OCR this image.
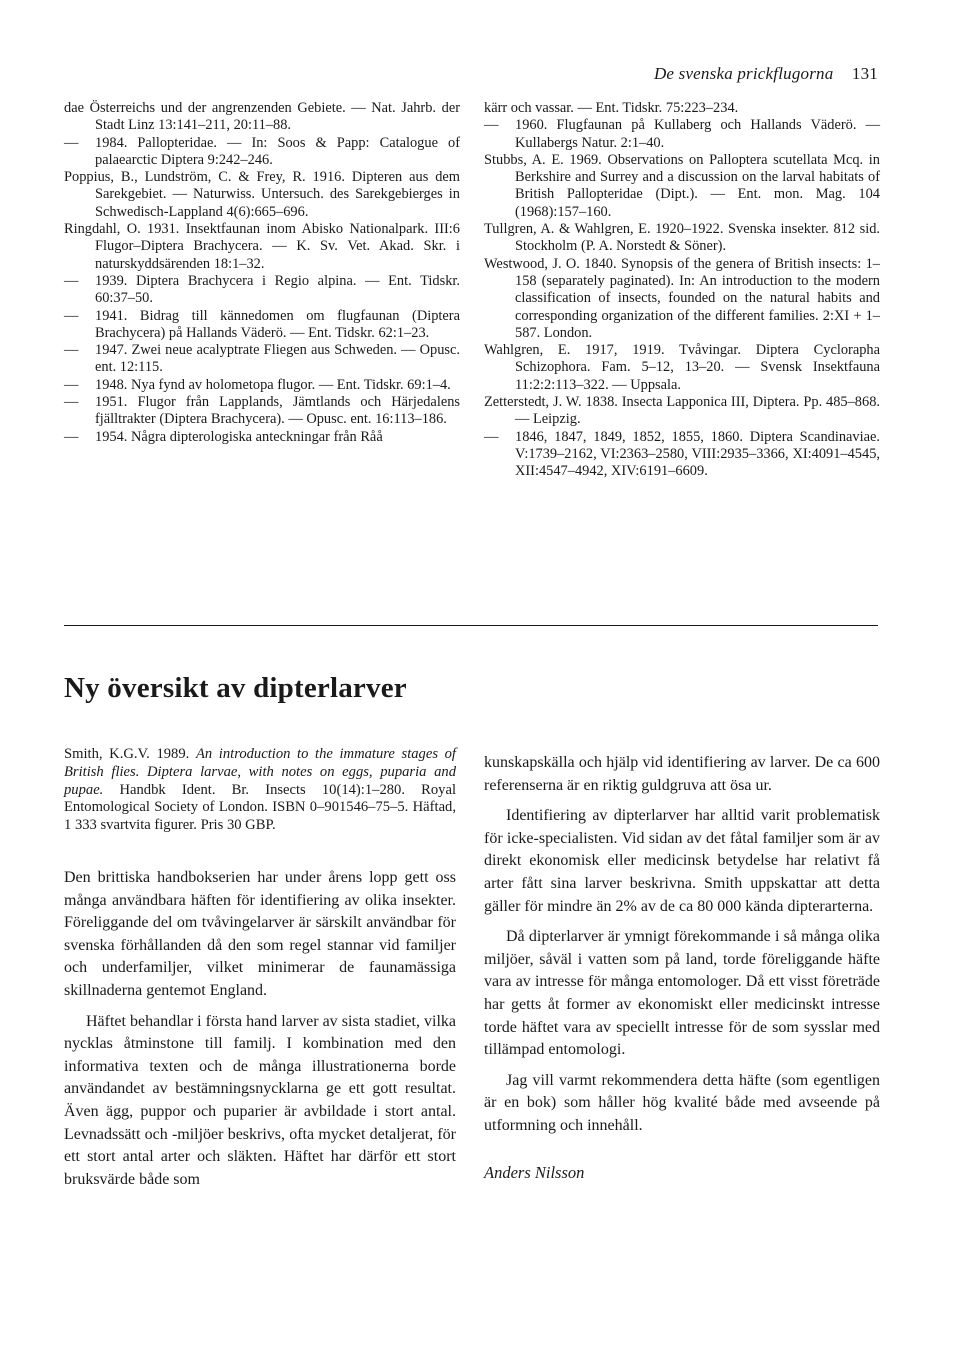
De svenska prickflugorna 131

dae Österreichs und der angrenzenden Gebiete. — Nat. Jahrb. der Stadt Linz 13:141–211, 20:11–88.

— 1984. Pallopteridae. — In: Soos & Papp: Catalogue of palaearctic Diptera 9:242–246.

Poppius, B., Lundström, C. & Frey, R. 1916. Dipteren aus dem Sarekgebiet. — Naturwiss. Untersuch. des Sarekgebierges in Schwedisch-Lappland 4(6):665–696.

Ringdahl, O. 1931. Insektfaunan inom Abisko Nationalpark. III:6 Flugor–Diptera Brachycera. — K. Sv. Vet. Akad. Skr. i naturskyddsärenden 18:1–32.

— 1939. Diptera Brachycera i Regio alpina. — Ent. Tidskr. 60:37–50.

— 1941. Bidrag till kännedomen om flugfaunan (Diptera Brachycera) på Hallands Väderö. — Ent. Tidskr. 62:1–23.

— 1947. Zwei neue acalyptrate Fliegen aus Schweden. — Opusc. ent. 12:115.

— 1948. Nya fynd av holometopa flugor. — Ent. Tidskr. 69:1–4.

— 1951. Flugor från Lapplands, Jämtlands och Härjedalens fjälltrakter (Diptera Brachycera). — Opusc. ent. 16:113–186.

— 1954. Några dipterologiska anteckningar från Råå

kärr och vassar. — Ent. Tidskr. 75:223–234.

— 1960. Flugfaunan på Kullaberg och Hallands Väderö. — Kullabergs Natur. 2:1–40.

Stubbs, A. E. 1969. Observations on Palloptera scutellata Mcq. in Berkshire and Surrey and a discussion on the larval habitats of British Pallopteridae (Dipt.). — Ent. mon. Mag. 104 (1968):157–160.

Tullgren, A. & Wahlgren, E. 1920–1922. Svenska insekter. 812 sid. Stockholm (P. A. Norstedt & Söner).

Westwood, J. O. 1840. Synopsis of the genera of British insects: 1–158 (separately paginated). In: An introduction to the modern classification of insects, founded on the natural habits and corresponding organization of the different families. 2:XI + 1–587. London.

Wahlgren, E. 1917, 1919. Tvåvingar. Diptera Cyclorapha Schizophora. Fam. 5–12, 13–20. — Svensk Insektfauna 11:2:2:113–322. — Uppsala.

Zetterstedt, J. W. 1838. Insecta Lapponica III, Diptera. Pp. 485–868. — Leipzig.

— 1846, 1847, 1849, 1852, 1855, 1860. Diptera Scandinaviae. V:1739–2162, VI:2363–2580, VIII:2935–3366, XI:4091–4545, XII:4547–4942, XIV:6191–6609.

Ny översikt av dipterlarver

Smith, K.G.V. 1989. An introduction to the immature stages of British flies. Diptera larvae, with notes on eggs, puparia and pupae. Handbk Ident. Br. Insects 10(14):1–280. Royal Entomological Society of London. ISBN 0–901546–75–5. Häftad, 1 333 svartvita figurer. Pris 30 GBP.

Den brittiska handbokserien har under årens lopp gett oss många användbara häften för identifiering av olika insekter. Föreliggande del om tvåvingelarver är särskilt användbar för svenska förhållanden då den som regel stannar vid familjer och underfamiljer, vilket minimerar de faunamässiga skillnaderna gentemot England.

Häftet behandlar i första hand larver av sista stadiet, vilka nycklas åtminstone till familj. I kombination med den informativa texten och de många illustrationerna borde användandet av bestämningsnycklarna ge ett gott resultat. Även ägg, puppor och puparier är avbildade i stort antal. Levnadssätt och -miljöer beskrivs, ofta mycket detaljerat, för ett stort antal arter och släkten. Häftet har därför ett stort bruksvärde både som

kunskapskälla och hjälp vid identifiering av larver. De ca 600 referenserna är en riktig guldgruva att ösa ur.

Identifiering av dipterlarver har alltid varit problematisk för icke-specialisten. Vid sidan av det fåtal familjer som är av direkt ekonomisk eller medicinsk betydelse har relativt få arter fått sina larver beskrivna. Smith uppskattar att detta gäller för mindre än 2% av de ca 80 000 kända dipterarterna.

Då dipterlarver är ymnigt förekommande i så många olika miljöer, såväl i vatten som på land, torde föreliggande häfte vara av intresse för många entomologer. Då ett visst företräde har getts åt former av ekonomiskt eller medicinskt intresse torde häftet vara av speciellt intresse för de som sysslar med tillämpad entomologi.

Jag vill varmt rekommendera detta häfte (som egentligen är en bok) som håller hög kvalité både med avseende på utformning och innehåll.

Anders Nilsson
